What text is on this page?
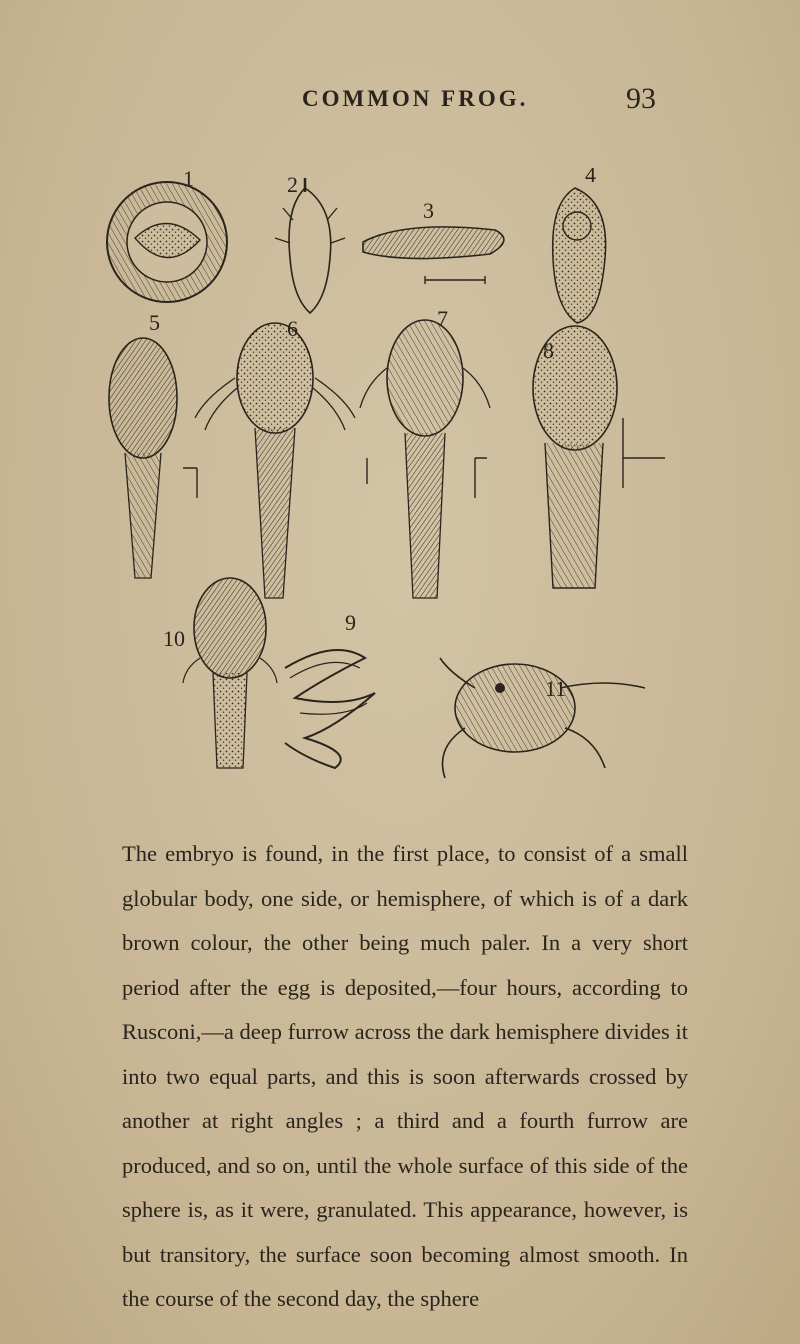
COMMON FROG.	93
1	2
3
4
5	6	7
8
9
10
11

The embryo is found, in the first place, to consist of a small globular body, one side, or hemisphere, of which is of a dark brown colour, the other being much paler. In a very short period after the egg is deposited,—four hours, according to Rusconi,—a deep furrow across the dark hemisphere divides it into two equal parts, and this is soon afterwards crossed by another at right angles ; a third and a fourth furrow are produced, and so on, until the whole surface of this side of the sphere is, as it were, granulated. This appearance, however, is but transitory, the surface soon becoming almost smooth. In the course of the second day, the sphere
